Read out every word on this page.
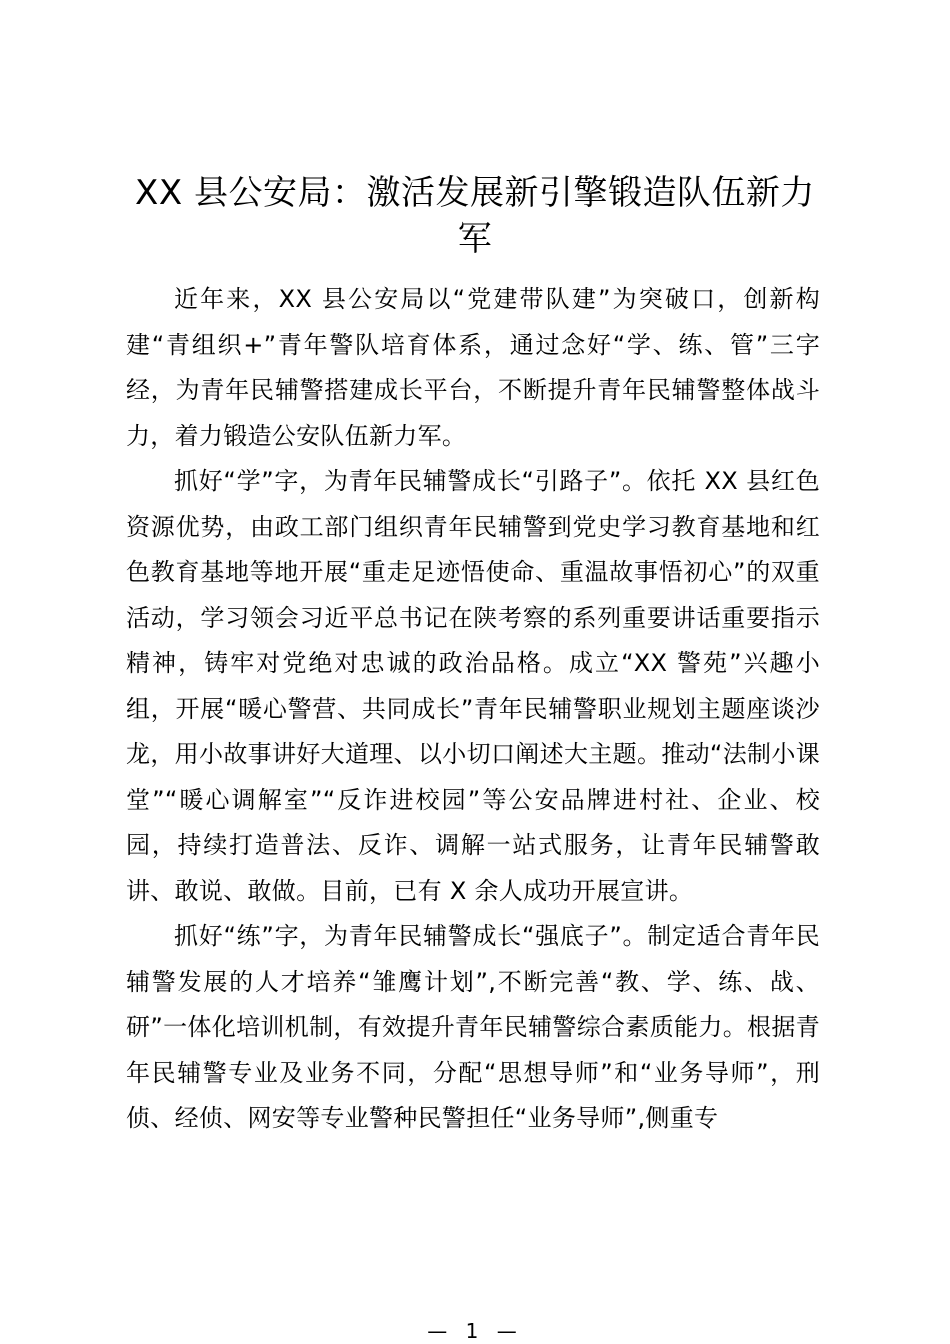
XX 县公安局：激活发展新引擎锻造队伍新力军

近年来，XX 县公安局以“党建带队建”为突破口，创新构建“青组织+”青年警队培育体系，通过念好“学、练、管”三字经，为青年民辅警搭建成长平台，不断提升青年民辅警整体战斗力，着力锻造公安队伍新力军。

抓好“学”字，为青年民辅警成长“引路子”。依托 XX 县红色资源优势，由政工部门组织青年民辅警到党史学习教育基地和红色教育基地等地开展“重走足迹悟使命、重温故事悟初心”的双重活动，学习领会习近平总书记在陕考察的系列重要讲话重要指示精神，铸牢对党绝对忠诚的政治品格。成立“XX 警苑”兴趣小组，开展“暖心警营、共同成长”青年民辅警职业规划主题座谈沙龙，用小故事讲好大道理、以小切口阐述大主题。推动“法制小课堂”“暖心调解室”“反诈进校园”等公安品牌进村社、企业、校园，持续打造普法、反诈、调解一站式服务，让青年民辅警敢讲、敢说、敢做。目前，已有 X 余人成功开展宣讲。

抓好“练”字，为青年民辅警成长“强底子”。制定适合青年民辅警发展的人才培养“雏鹰计划”,不断完善“教、学、练、战、研”一体化培训机制，有效提升青年民辅警综合素质能力。根据青年民辅警专业及业务不同，分配“思想导师”和“业务导师”，刑侦、经侦、网安等专业警种民警担任“业务导师”,侧重专

— 1 —
